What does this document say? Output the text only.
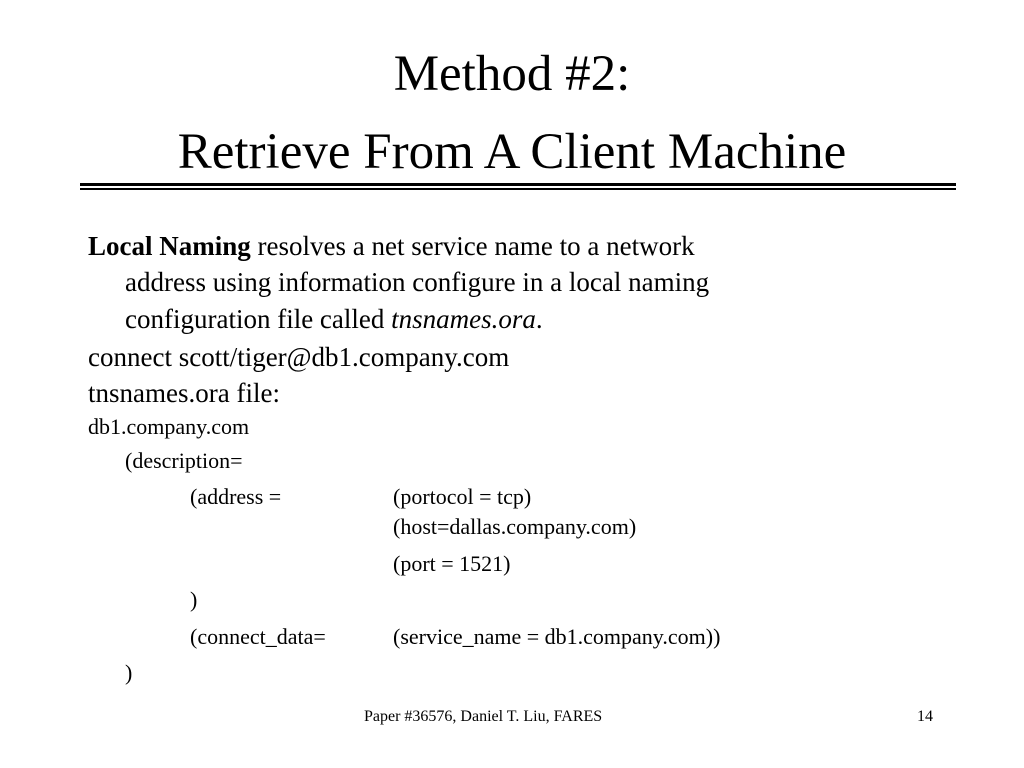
Method #2:
Retrieve From A Client Machine

Local Naming resolves a net service name to a network

address using information configure in a local naming

configuration file called tnsnames.ora.

connect scott/tiger@db1.company.com

tnsnames.ora file:

db1.company.com

(description=

(address =	(portocol = tcp)

(host=dallas.company.com)

(port = 1521)

)

(connect_data=	(service_name = db1.company.com))

)

Paper #36576, Daniel T. Liu, FARES	14
